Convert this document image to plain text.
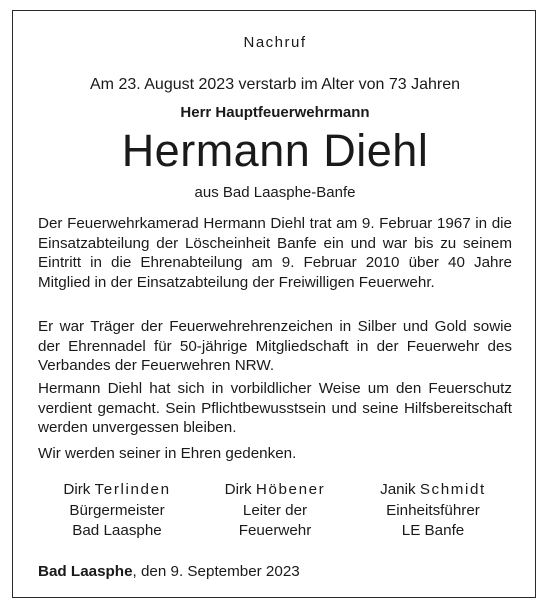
Nachruf
Am 23. August 2023 verstarb im Alter von 73 Jahren
Herr Hauptfeuerwehrmann
Hermann Diehl
aus Bad Laasphe-Banfe

Der Feuerwehrkamerad Hermann Diehl trat am 9. Februar 1967 in die Einsatzabteilung der Löscheinheit Banfe ein und war bis zu seinem Eintritt in die Ehrenabteilung am 9. Februar 2010 über 40 Jahre Mitglied in der Einsatzabteilung der Freiwilligen Feuerwehr.

Er war Träger der Feuerwehrehrenzeichen in Silber und Gold sowie der Ehrennadel für 50-jährige Mitgliedschaft in der Feuerwehr des Verbandes der Feuerwehren NRW.

Hermann Diehl hat sich in vorbildlicher Weise um den Feuerschutz verdient gemacht. Sein Pflichtbewusstsein und seine Hilfsbereitschaft werden unvergessen bleiben.

Wir werden seiner in Ehren gedenken.

Dirk Terlinden
Bürgermeister
Bad Laasphe
Dirk Höbener
Leiter der
Feuerwehr
Janik Schmidt
Einheitsführer
LE Banfe
Bad Laasphe, den 9. September 2023
